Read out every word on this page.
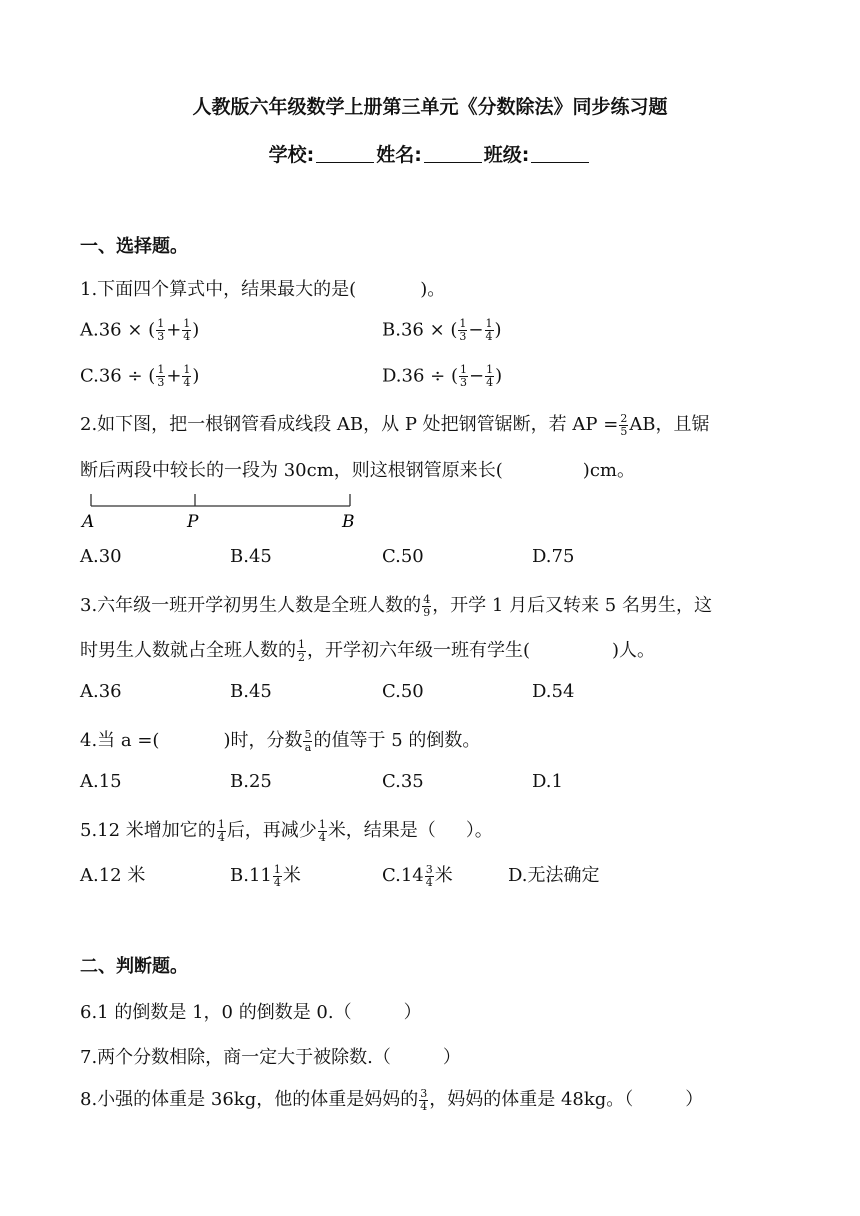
人教版六年级数学上册第三单元《分数除法》同步练习题
学校:	姓名:	班级:
一、选择题。
1.下面四个算式中，结果最大的是(	)。
A.36 × ( $\frac{1}{3} + \frac{1}{4}$ )	B.36 × ( $\frac{1}{3} - \frac{1}{4}$ )
C.36 ÷ ( $\frac{1}{3} + \frac{1}{4}$ )	D.36 ÷ ( $\frac{1}{3} - \frac{1}{4}$ )
2.如下图，把一根钢管看成线段 AB，从 P 处把钢管锯断，若 AP = $\frac{2}{5}$ AB，且锯
断后两段中较长的一段为 30cm，则这根钢管原来长(	)cm。
A	P	B
A.30	B.45	C.50	D.75
3.六年级一班开学初男生人数是全班人数的 $\frac{4}{9}$ ，开学 1 月后又转来 5 名男生，这
时男生人数就占全班人数的 $\frac{1}{2}$ ，开学初六年级一班有学生(	)人。
A.36	B.45	C.50	D.54
4.当 a =(	)时，分数 $\frac{5}{a}$ 的值等于 5 的倒数。
A.15	B.25	C.35	D.1
5.12 米增加它的 $\frac{1}{4}$ 后，再减少 $\frac{1}{4}$ 米，结果是（ ）。
A.12 米	$B.11 \frac{1}{4}$ 米	$C.14 \frac{3}{4}$ 米	D.无法确定
二、判断题。
6.1 的倒数是 1，0 的倒数是 0.（	）
7.两个分数相除，商一定大于被除数.（	）
8.小强的体重是 36kg，他的体重是妈妈的 $\frac{3}{4}$ ，妈妈的体重是 48kg。（	）
